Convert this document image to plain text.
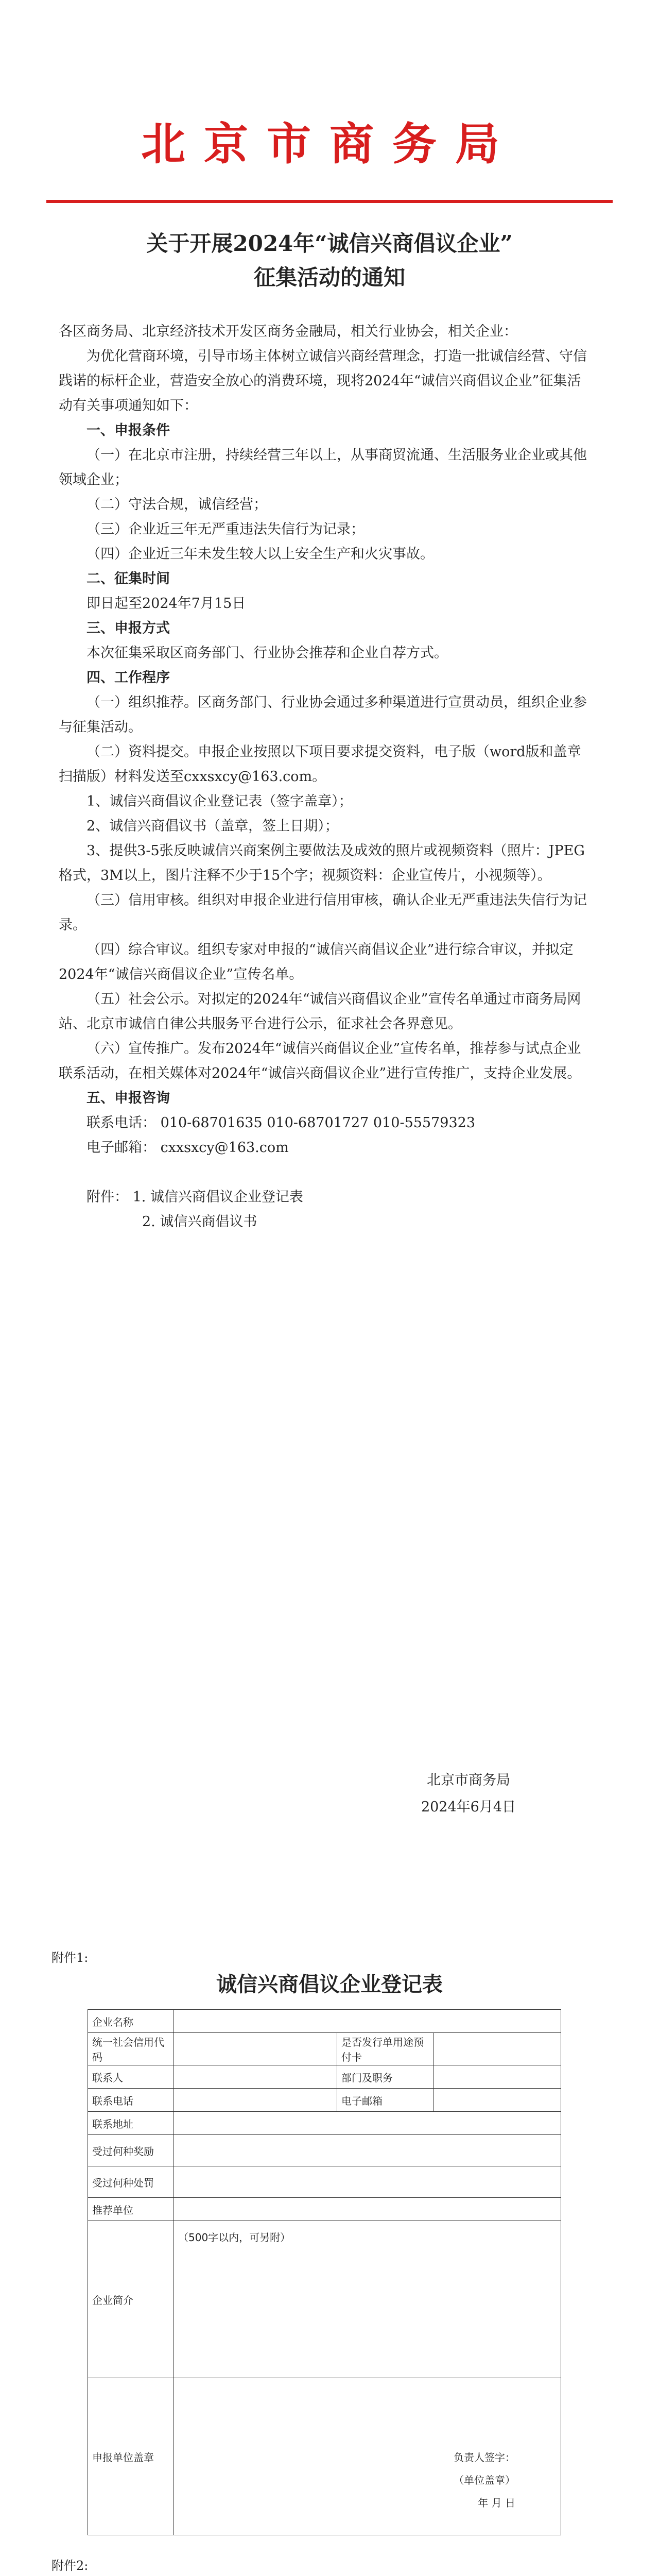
北京市商务局
关于开展2024年“诚信兴商倡议企业”
征集活动的通知

各区商务局、北京经济技术开发区商务金融局，相关行业协会，相关企业：

为优化营商环境，引导市场主体树立诚信兴商经营理念，打造一批诚信经营、守信践诺的标杆企业，营造安全放心的消费环境，现将2024年“诚信兴商倡议企业”征集活动有关事项通知如下：

一、申报条件

（一）在北京市注册，持续经营三年以上，从事商贸流通、生活服务业企业或其他领域企业；

（二）守法合规，诚信经营；

（三）企业近三年无严重违法失信行为记录；

（四）企业近三年未发生较大以上安全生产和火灾事故。

二、征集时间

即日起至2024年7月15日

三、申报方式

本次征集采取区商务部门、行业协会推荐和企业自荐方式。

四、工作程序

（一）组织推荐。区商务部门、行业协会通过多种渠道进行宣贯动员，组织企业参与征集活动。

（二）资料提交。申报企业按照以下项目要求提交资料，电子版（word版和盖章扫描版）材料发送至cxxsxcy@163.com。

1、诚信兴商倡议企业登记表（签字盖章）；

2、诚信兴商倡议书（盖章，签上日期）；

3、提供3-5张反映诚信兴商案例主要做法及成效的照片或视频资料（照片：JPEG格式，3M以上，图片注释不少于15个字；视频资料：企业宣传片，小视频等）。

（三）信用审核。组织对申报企业进行信用审核，确认企业无严重违法失信行为记录。

（四）综合审议。组织专家对申报的“诚信兴商倡议企业”进行综合审议，并拟定2024年“诚信兴商倡议企业”宣传名单。

（五）社会公示。对拟定的2024年“诚信兴商倡议企业”宣传名单通过市商务局网站、北京市诚信自律公共服务平台进行公示，征求社会各界意见。

（六）宣传推广。发布2024年“诚信兴商倡议企业”宣传名单，推荐参与试点企业联系活动，在相关媒体对2024年“诚信兴商倡议企业”进行宣传推广，支持企业发展。

五、申报咨询

联系电话： 010-68701635 010-68701727 010-55579323

电子邮箱： cxxsxcy@163.com

附件： 1. 诚信兴商倡议企业登记表

2. 诚信兴商倡议书

北京市商务局

2024年6月4日

附件1:
诚信兴商倡议企业登记表
企业名称			
统一社会信用代码		是否发行单用途预付卡	
联系人		部门及职务	
联系电话		电子邮箱	
联系地址			
受过何种奖励			
受过何种处罚			
推荐单位			
企业简介	（500字以内，可另附）		
申报单位盖章	负责人签字：
（单位盖章）
年 月 日		
附件2:
